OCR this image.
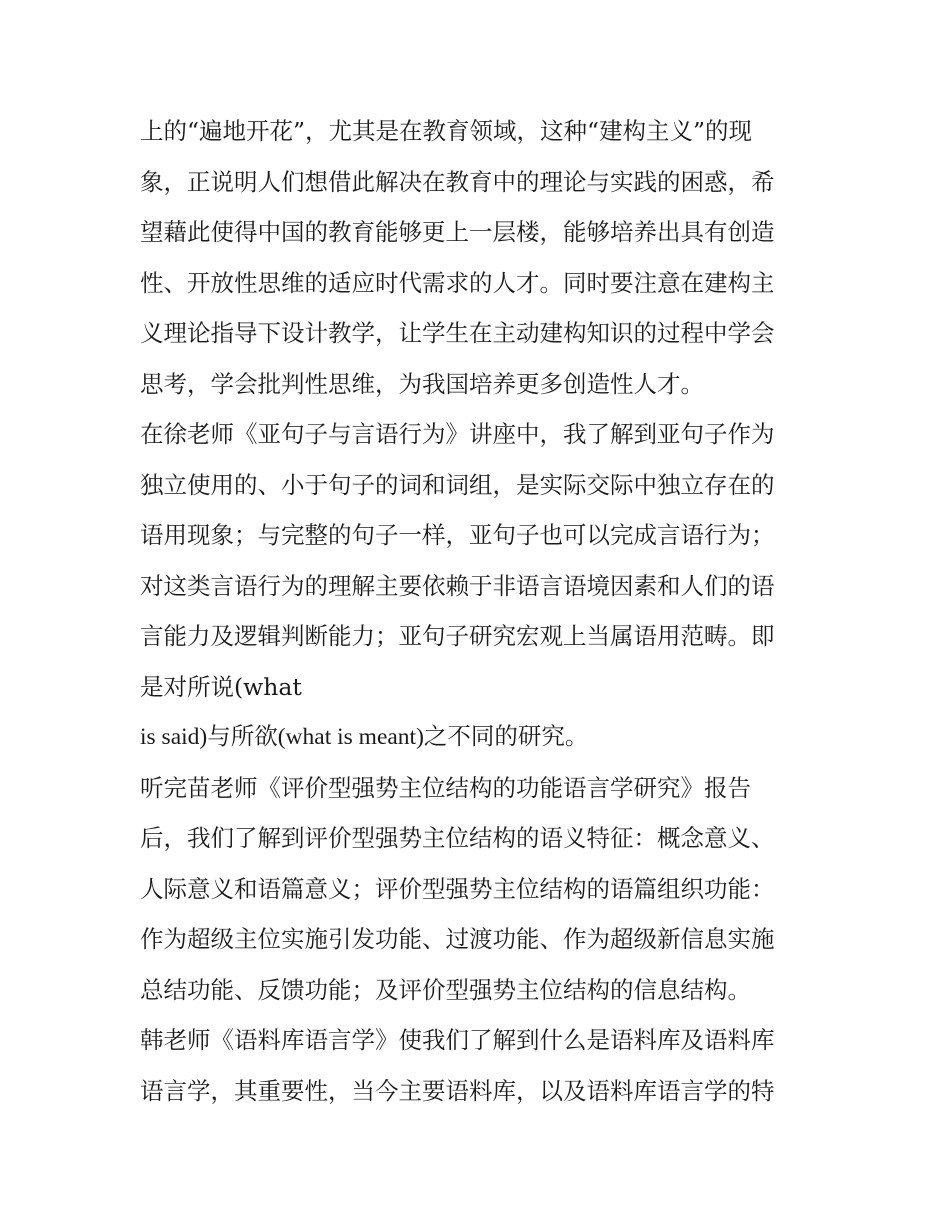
上的“遍地开花”，尤其是在教育领域，这种“建构主义”的现
象，正说明人们想借此解决在教育中的理论与实践的困惑，希
望藉此使得中国的教育能够更上一层楼，能够培养出具有创造
性、开放性思维的适应时代需求的人才。同时要注意在建构主
义理论指导下设计教学，让学生在主动建构知识的过程中学会
思考，学会批判性思维，为我国培养更多创造性人才。
在徐老师《亚句子与言语行为》讲座中，我了解到亚句子作为
独立使用的、小于句子的词和词组，是实际交际中独立存在的
语用现象；与完整的句子一样，亚句子也可以完成言语行为；
对这类言语行为的理解主要依赖于非语言语境因素和人们的语
言能力及逻辑判断能力；亚句子研究宏观上当属语用范畴。即
是对所说(what
is said)与所欲(what is meant)之不同的研究。
听完苗老师《评价型强势主位结构的功能语言学研究》报告
后，我们了解到评价型强势主位结构的语义特征：概念意义、
人际意义和语篇意义；评价型强势主位结构的语篇组织功能：
作为超级主位实施引发功能、过渡功能、作为超级新信息实施
总结功能、反馈功能；及评价型强势主位结构的信息结构。
韩老师《语料库语言学》使我们了解到什么是语料库及语料库
语言学，其重要性，当今主要语料库，以及语料库语言学的特
